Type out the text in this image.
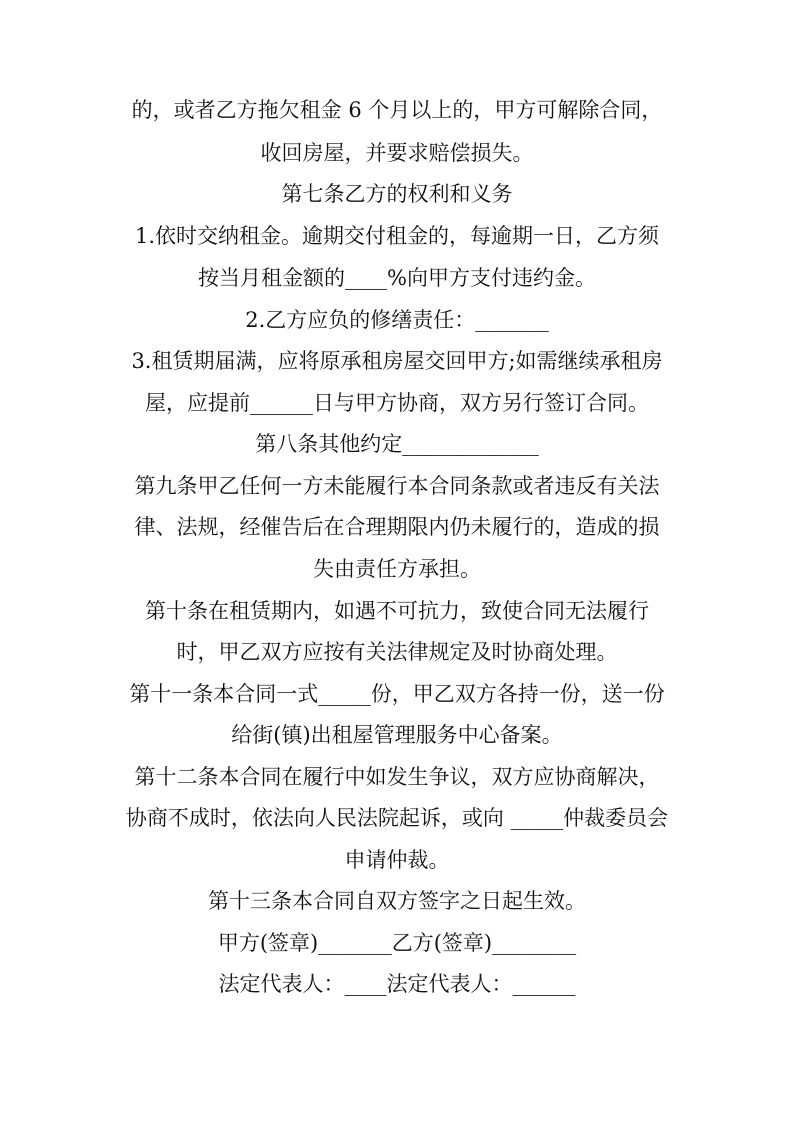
的，或者乙方拖欠租金 6 个月以上的，甲方可解除合同，
收回房屋，并要求赔偿损失。
第七条乙方的权利和义务
1.依时交纳租金。逾期交付租金的，每逾期一日，乙方须
按当月租金额的____%向甲方支付违约金。
2.乙方应负的修缮责任：_______
3.租赁期届满，应将原承租房屋交回甲方;如需继续承租房
屋，应提前______日与甲方协商，双方另行签订合同。
第八条其他约定_____________
第九条甲乙任何一方未能履行本合同条款或者违反有关法
律、法规，经催告后在合理期限内仍未履行的，造成的损
失由责任方承担。
第十条在租赁期内，如遇不可抗力，致使合同无法履行
时，甲乙双方应按有关法律规定及时协商处理。
第十一条本合同一式_____份，甲乙双方各持一份，送一份
给街(镇)出租屋管理服务中心备案。
第十二条本合同在履行中如发生争议，双方应协商解决，
协商不成时，依法向人民法院起诉，或向 _____仲裁委员会
申请仲裁。
第十三条本合同自双方签字之日起生效。
甲方(签章)_______乙方(签章)________
法定代表人：____法定代表人：______
